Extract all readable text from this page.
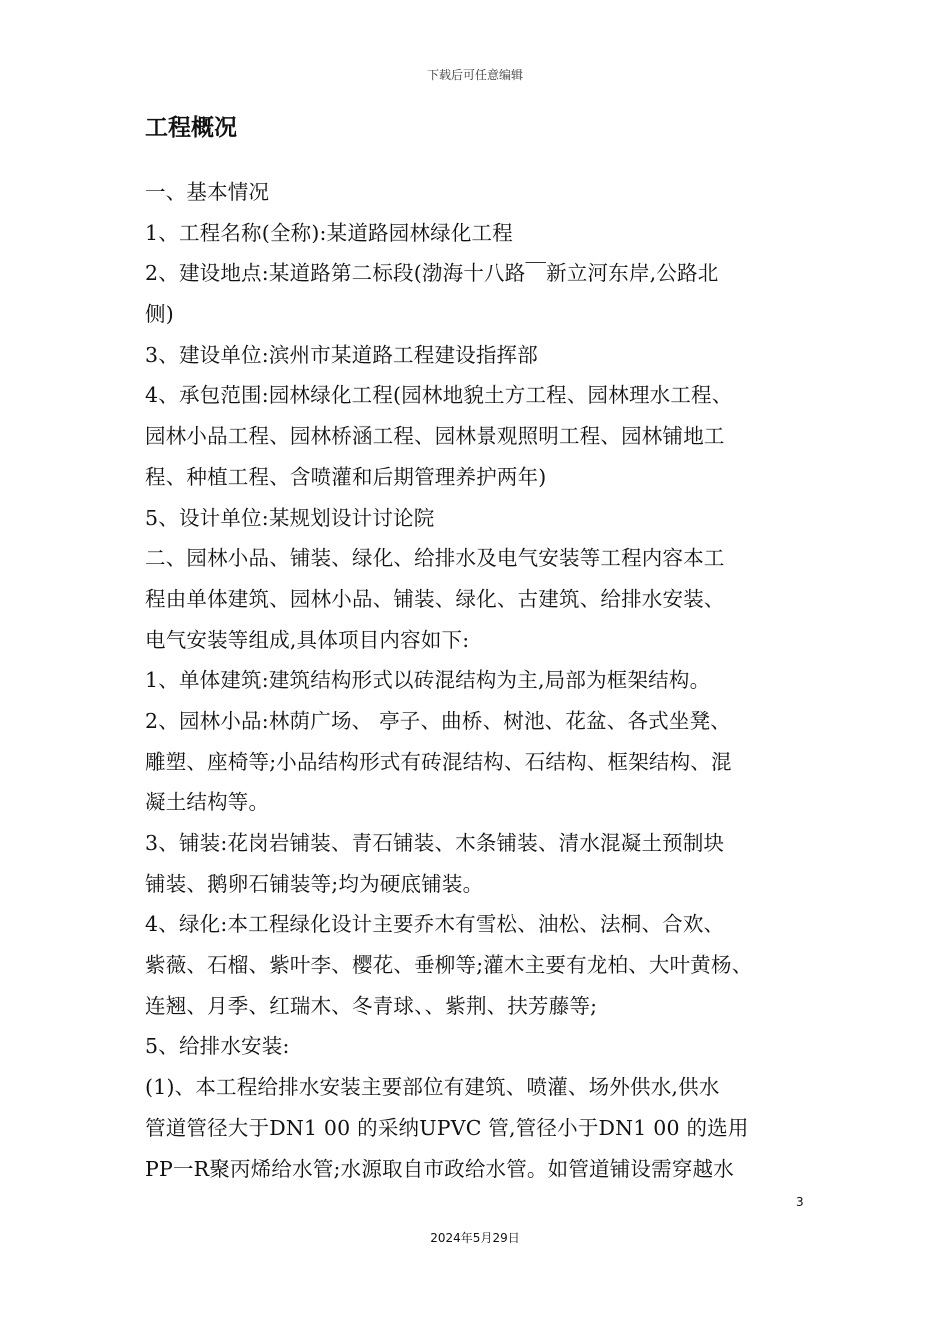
下载后可任意编辑
工程概况
一、基本情况
1、工程名称(全称):某道路园林绿化工程
2、建设地点:某道路第二标段(渤海十八路￣新立河东岸,公路北
侧)
3、建设单位:滨州市某道路工程建设指挥部
4、承包范围:园林绿化工程(园林地貌土方工程、园林理水工程、
园林小品工程、园林桥涵工程、园林景观照明工程、园林铺地工
程、种植工程、含喷灌和后期管理养护两年)
5、设计单位:某规划设计讨论院
二、园林小品、铺装、绿化、给排水及电气安装等工程内容本工
程由单体建筑、园林小品、铺装、绿化、古建筑、给排水安装、
电气安装等组成,具体项目内容如下:
1、单体建筑:建筑结构形式以砖混结构为主,局部为框架结构。
2、园林小品:林荫广场、 亭子、曲桥、树池、花盆、各式坐凳、
雕塑、座椅等;小品结构形式有砖混结构、石结构、框架结构、混
凝土结构等。
3、铺装:花岗岩铺装、青石铺装、木条铺装、清水混凝土预制块
铺装、鹅卵石铺装等;均为硬底铺装。
4、绿化:本工程绿化设计主要乔木有雪松、油松、法桐、合欢、
紫薇、石榴、紫叶李、樱花、垂柳等;灌木主要有龙柏、大叶黄杨、
连翘、月季、红瑞木、冬青球、、紫荆、扶芳藤等;
5、给排水安装:
(1)、本工程给排水安装主要部位有建筑、喷灌、场外供水,供水
管道管径大于DN1 00 的采纳UPVC 管,管径小于DN1 00 的选用
PP一R聚丙烯给水管;水源取自市政给水管。如管道铺设需穿越水
3
2024年5月29日
